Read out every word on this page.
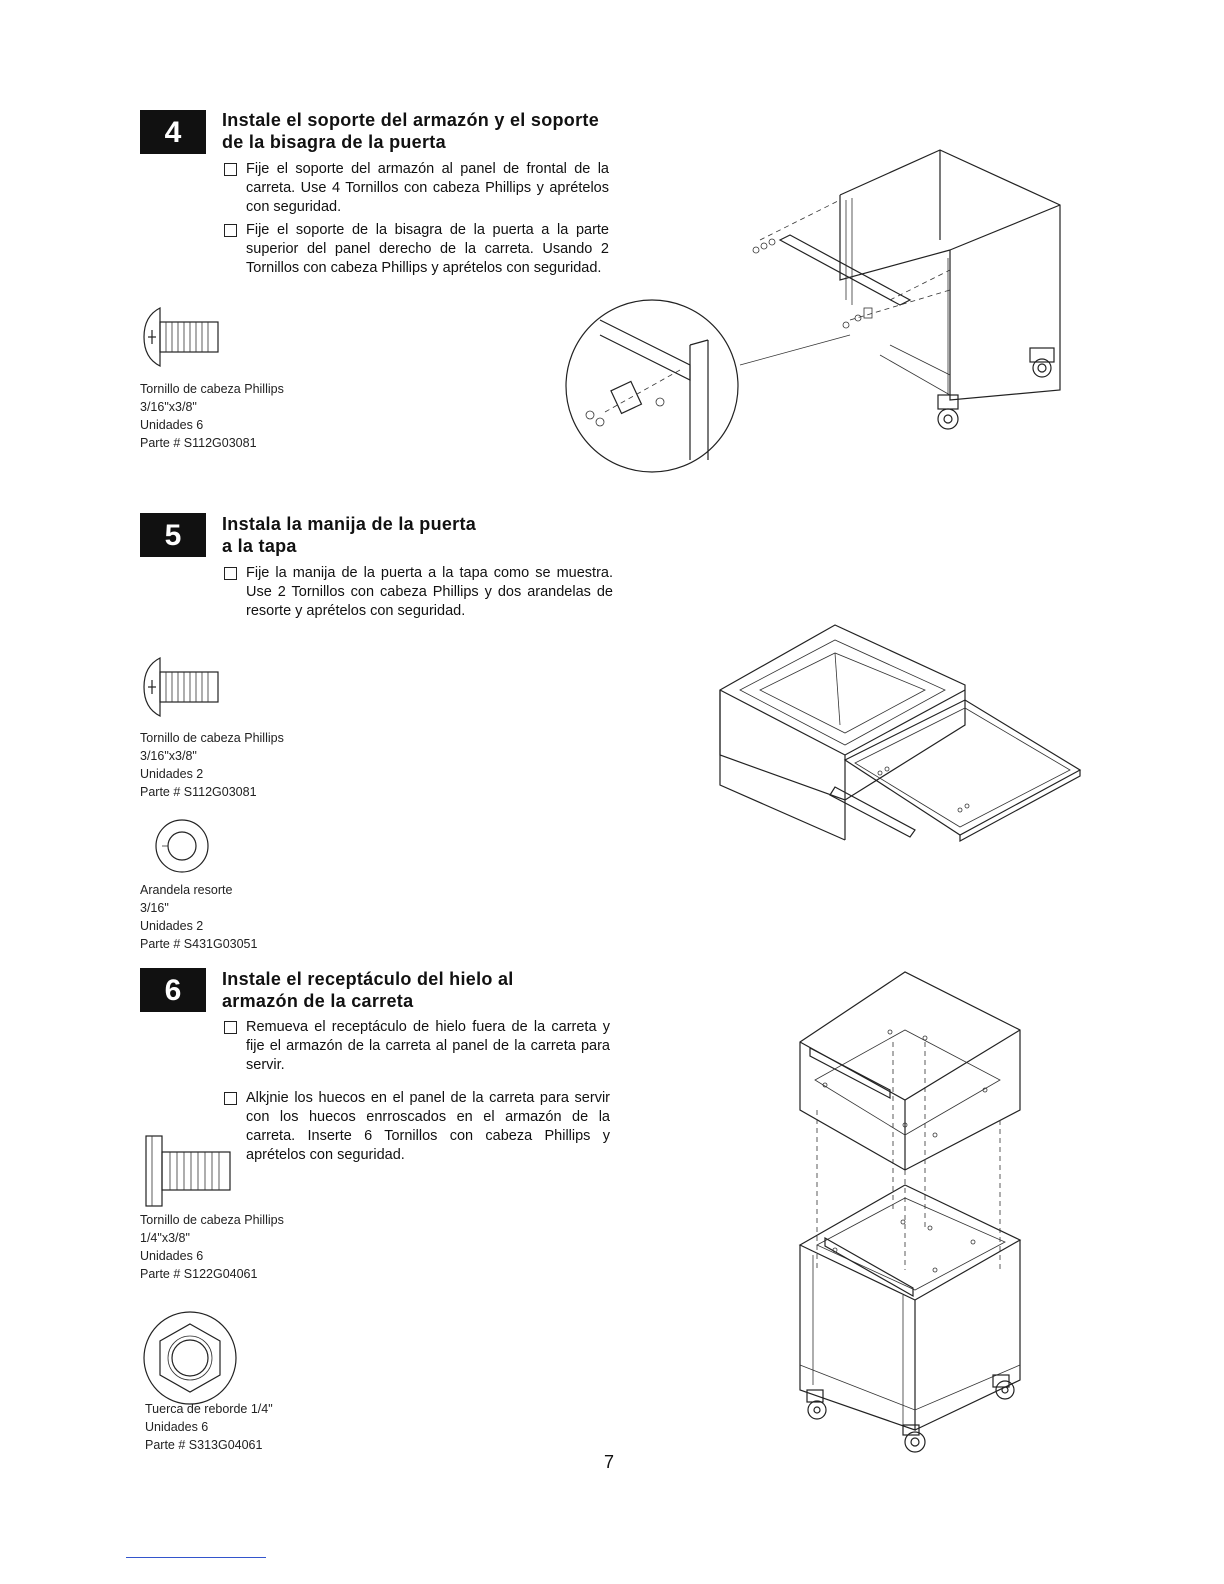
4 Instale el soporte del armazón y el soporte
de la bisagra de la puerta
Fije el soporte del armazón al panel de frontal de la carreta. Use 4 Tornillos con cabeza Phillips y aprételos con seguridad.
Fije el soporte de la bisagra de la puerta a la parte superior del panel derecho de la carreta. Usando 2 Tornillos con cabeza Phillips y aprételos con seguridad.
Tornillo de cabeza Phillips
3/16"x3/8"
Unidades 6
Parte # S112G03081
5 Instala la manija de la puerta
a la tapa
Fije la manija de la puerta a la tapa como se muestra. Use 2 Tornillos con cabeza Phillips y dos arandelas de resorte y aprételos con seguridad.
Tornillo de cabeza Phillips
3/16"x3/8"
Unidades 2
Parte # S112G03081
Arandela resorte
3/16"
Unidades 2
Parte # S431G03051
6 Instale el receptáculo del hielo al
armazón de la carreta
Remueva el receptáculo de hielo fuera de la carreta y fije el armazón de la carreta al panel de la carreta para servir.
Alkjnie los huecos en el panel de la carreta para servir con los huecos enrroscados en el armazón de la carreta. Inserte 6 Tornillos con cabeza Phillips y aprételos con seguridad.
Tornillo de cabeza Phillips
1/4"x3/8"
Unidades 6
Parte # S122G04061
Tuerca de reborde 1/4"
Unidades 6
Parte # S313G04061
7
